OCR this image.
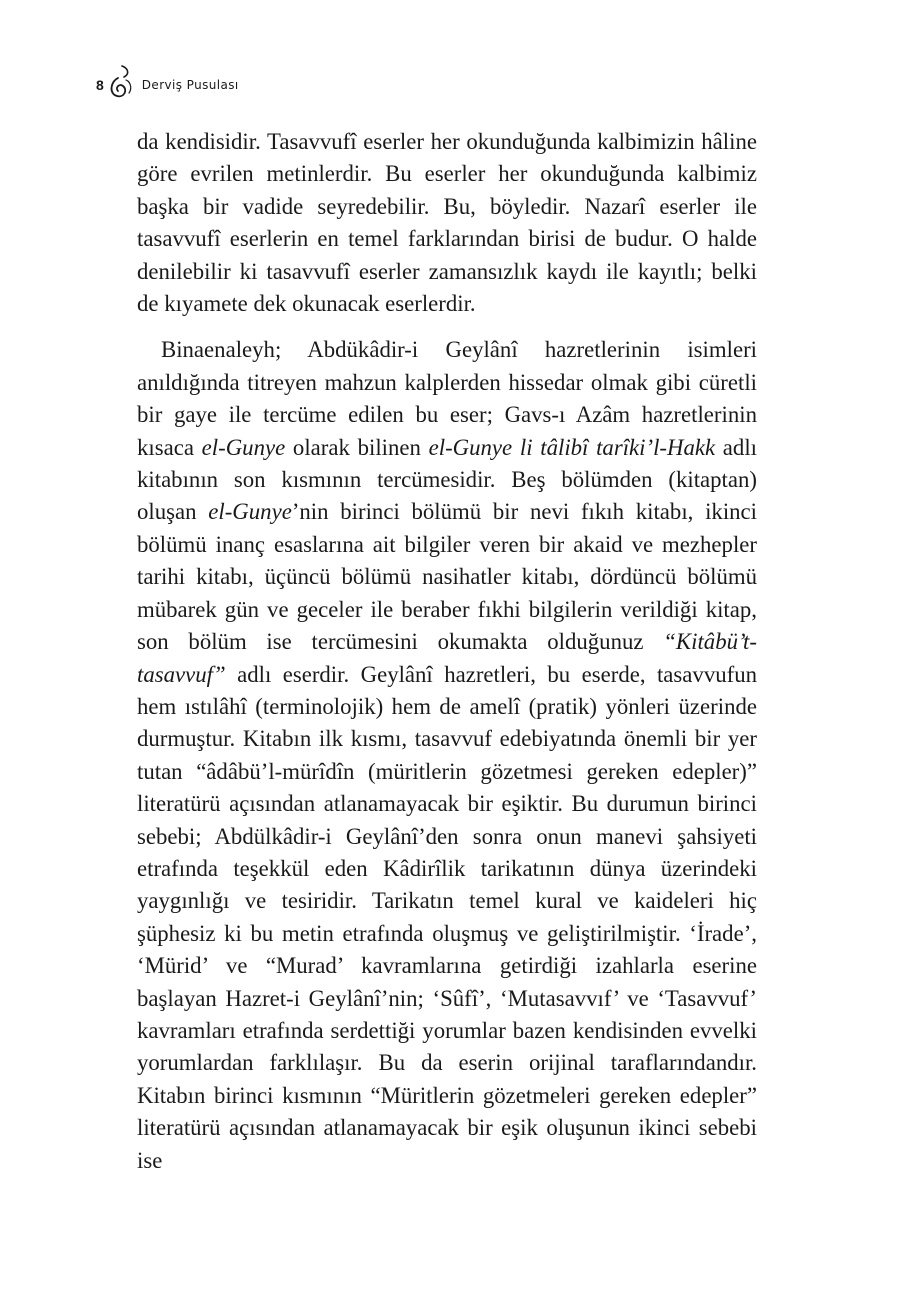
8	Derviş Pusulası

da kendisidir. Tasavvufî eserler her okunduğunda kalbimizin hâline göre evrilen metinlerdir. Bu eserler her okunduğunda kalbimiz başka bir vadide seyredebilir. Bu, böyledir. Nazarî eserler ile tasavvufî eserlerin en temel farklarından birisi de budur. O halde denilebilir ki tasavvufî eserler zamansızlık kaydı ile kayıtlı; belki de kıyamete dek okunacak eserlerdir.

Binaenaleyh; Abdükâdir-i Geylânî hazretlerinin isimleri anıldığında titreyen mahzun kalplerden hissedar olmak gibi cüretli bir gaye ile tercüme edilen bu eser; Gavs-ı Azâm hazretlerinin kısaca el-Gunye olarak bilinen el-Gunye li tâlibî tarîki’l-Hakk adlı kitabının son kısmının tercümesidir. Beş bölümden (kitaptan) oluşan el-Gunye’nin birinci bölümü bir nevi fıkıh kitabı, ikinci bölümü inanç esaslarına ait bilgiler veren bir akaid ve mezhepler tarihi kitabı, üçüncü bölümü nasihatler kitabı, dördüncü bölümü mübarek gün ve geceler ile beraber fıkhi bilgilerin verildiği kitap, son bölüm ise tercümesini okumakta olduğunuz “Kitâbü’t-tasavvuf” adlı eserdir. Geylânî hazretleri, bu eserde, tasavvufun hem ıstılâhî (terminolojik) hem de amelî (pratik) yönleri üzerinde durmuştur. Kitabın ilk kısmı, tasavvuf edebiyatında önemli bir yer tutan “âdâbü’l-mürîdîn (müritlerin gözetmesi gereken edepler)” literatürü açısından atlanamayacak bir eşiktir. Bu durumun birinci sebebi; Abdülkâdir-i Geylânî’den sonra onun manevi şahsiyeti etrafında teşekkül eden Kâdirîlik tarikatının dünya üzerindeki yaygınlığı ve tesiridir. Tarikatın temel kural ve kaideleri hiç şüphesiz ki bu metin etrafında oluşmuş ve geliştirilmiştir. ‘İrade’, ‘Mürid’ ve “Murad’ kavramlarına getirdiği izahlarla eserine başlayan Hazret-i Geylânî’nin; ‘Sûfî’, ‘Mutasavvıf’ ve ‘Tasavvuf’ kavramları etrafında serdettiği yorumlar bazen kendisinden evvelki yorumlardan farklılaşır. Bu da eserin orijinal taraflarındandır. Kitabın birinci kısmının “Müritlerin gözetmeleri gereken edepler” literatürü açısından atlanamayacak bir eşik oluşunun ikinci sebebi ise
